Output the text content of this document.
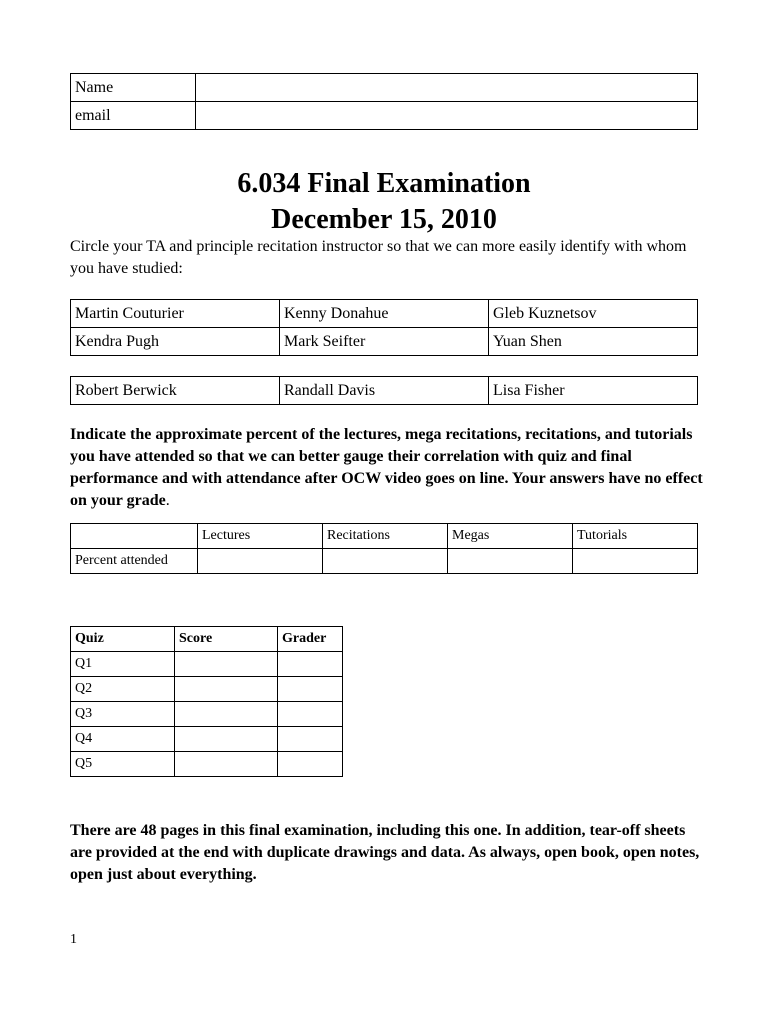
Name	
email	
6.034 Final Examination
December 15, 2010
Circle your TA and principle recitation instructor so that we can more easily identify with whom you have studied:
Martin Couturier	Kenny Donahue	Gleb Kuznetsov
Kendra Pugh	Mark Seifter	Yuan Shen
Robert Berwick	Randall Davis	Lisa Fisher
Indicate the approximate percent of the lectures, mega recitations, recitations, and tutorials you have attended so that we can better gauge their correlation with quiz and final performance and with attendance after OCW video goes on line. Your answers have no effect on your grade.
	Lectures	Recitations	Megas	Tutorials
Percent attended				
Quiz	Score	Grader
Q1		
Q2		
Q3		
Q4		
Q5		
There are 48 pages in this final examination, including this one. In addition, tear-off sheets are provided at the end with duplicate drawings and data. As always, open book, open notes, open just about everything.
1
